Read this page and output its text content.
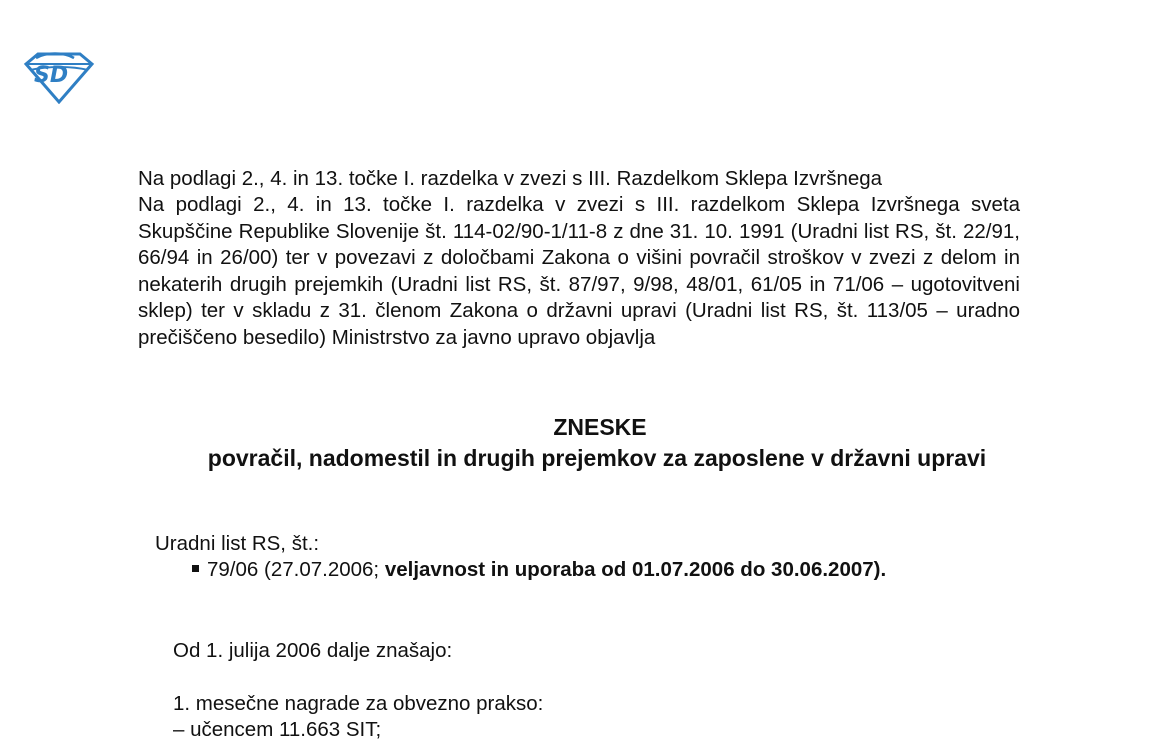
SD
Na podlagi 2., 4. in 13. točke I. razdelka v zvezi s III. Razdelkom Sklepa Izvršnega
Na podlagi 2., 4. in 13. točke I. razdelka v zvezi s III. razdelkom Sklepa Izvršnega sveta Skupščine Republike Slovenije št. 114-02/90-1/11-8 z dne 31. 10. 1991 (Uradni list RS, št. 22/91, 66/94 in 26/00) ter v povezavi z določbami Zakona o višini povračil stroškov v zvezi z delom in nekaterih drugih prejemkih (Uradni list RS, št. 87/97, 9/98, 48/01, 61/05 in 71/06 – ugotovitveni sklep) ter v skladu z 31. členom Zakona o državni upravi (Uradni list RS, št. 113/05 – uradno prečiščeno besedilo) Ministrstvo za javno upravo objavlja
ZNESKE
povračil, nadomestil in drugih prejemkov za zaposlene v državni upravi
Uradni list RS, št.:
79/06 (27.07.2006; veljavnost in uporaba od 01.07.2006 do 30.06.2007).
Od 1. julija 2006 dalje znašajo:
1. mesečne nagrade za obvezno prakso:
– učencem 11.663 SIT;
